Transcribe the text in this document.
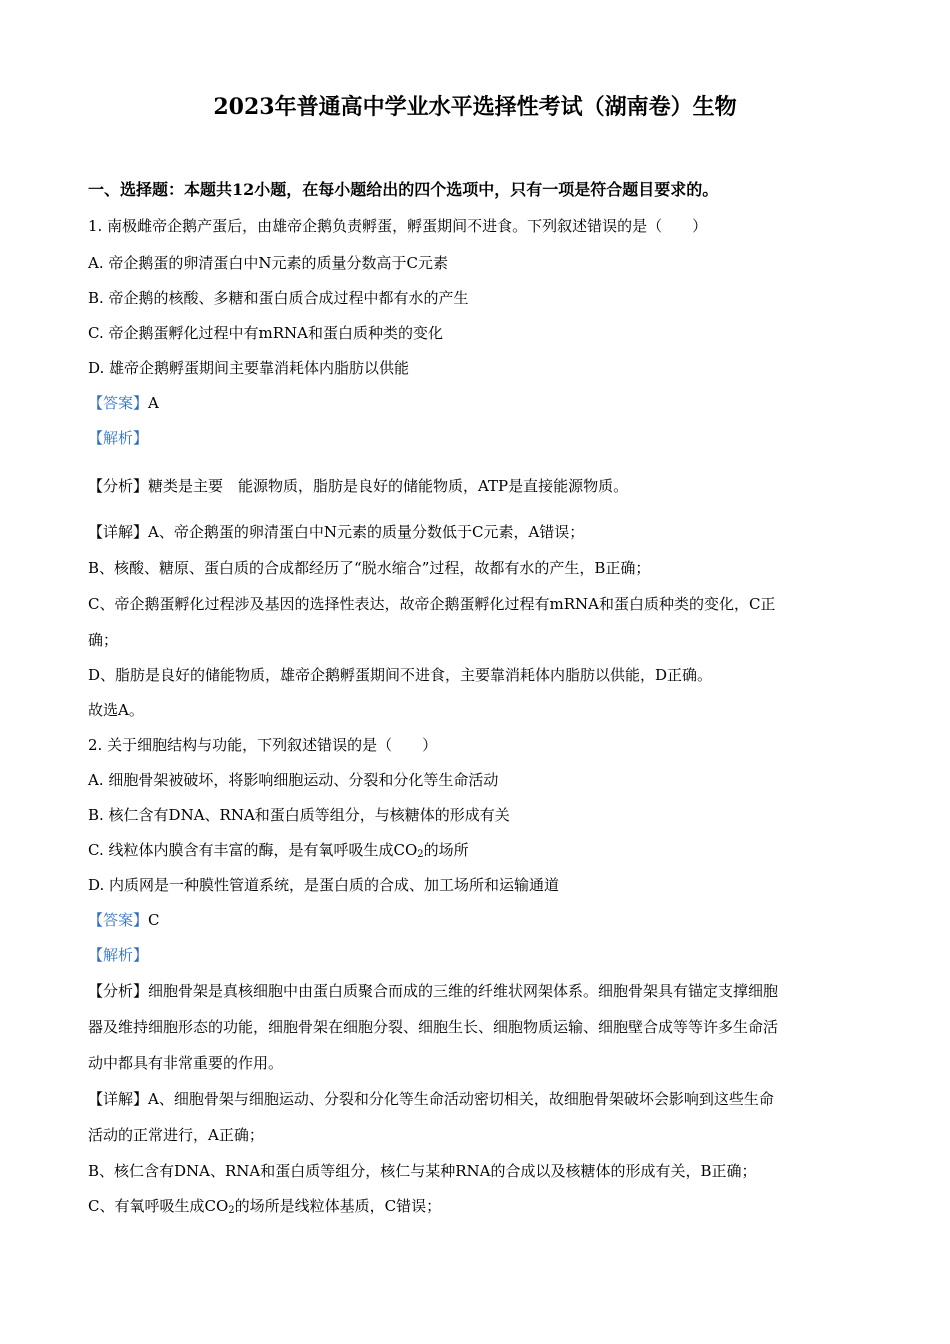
2023年普通高中学业水平选择性考试（湖南卷）生物
一、选择题：本题共12小题，在每小题给出的四个选项中，只有一项是符合题目要求的。
1. 南极雌帝企鹅产蛋后，由雄帝企鹅负责孵蛋，孵蛋期间不进食。下列叙述错误的是（　　）
A. 帝企鹅蛋的卵清蛋白中N元素的质量分数高于C元素
B. 帝企鹅的核酸、多糖和蛋白质合成过程中都有水的产生
C. 帝企鹅蛋孵化过程中有mRNA和蛋白质种类的变化
D. 雄帝企鹅孵蛋期间主要靠消耗体内脂肪以供能
【答案】A
【解析】
【分析】糖类是主要　能源物质，脂肪是良好的储能物质，ATP是直接能源物质。
【详解】A、帝企鹅蛋的卵清蛋白中N元素的质量分数低于C元素，A错误；
B、核酸、糖原、蛋白质的合成都经历了“脱水缩合”过程，故都有水的产生，B正确；
C、帝企鹅蛋孵化过程涉及基因的选择性表达，故帝企鹅蛋孵化过程有mRNA和蛋白质种类的变化，C正
确；
D、脂肪是良好的储能物质，雄帝企鹅孵蛋期间不进食，主要靠消耗体内脂肪以供能，D正确。
故选A。
2. 关于细胞结构与功能，下列叙述错误的是（　　）
A. 细胞骨架被破坏，将影响细胞运动、分裂和分化等生命活动
B. 核仁含有DNA、RNA和蛋白质等组分，与核糖体的形成有关
C. 线粒体内膜含有丰富的酶，是有氧呼吸生成$CO_2$的场所
D. 内质网是一种膜性管道系统，是蛋白质的合成、加工场所和运输通道
【答案】C
【解析】
【分析】细胞骨架是真核细胞中由蛋白质聚合而成的三维的纤维状网架体系。细胞骨架具有锚定支撑细胞
器及维持细胞形态的功能，细胞骨架在细胞分裂、细胞生长、细胞物质运输、细胞壁合成等等许多生命活
动中都具有非常重要的作用。
【详解】A、细胞骨架与细胞运动、分裂和分化等生命活动密切相关，故细胞骨架破坏会影响到这些生命
活动的正常进行，A正确；
B、核仁含有DNA、RNA和蛋白质等组分，核仁与某种RNA的合成以及核糖体的形成有关，B正确；
C、有氧呼吸生成$CO_2$的场所是线粒体基质，C错误；
